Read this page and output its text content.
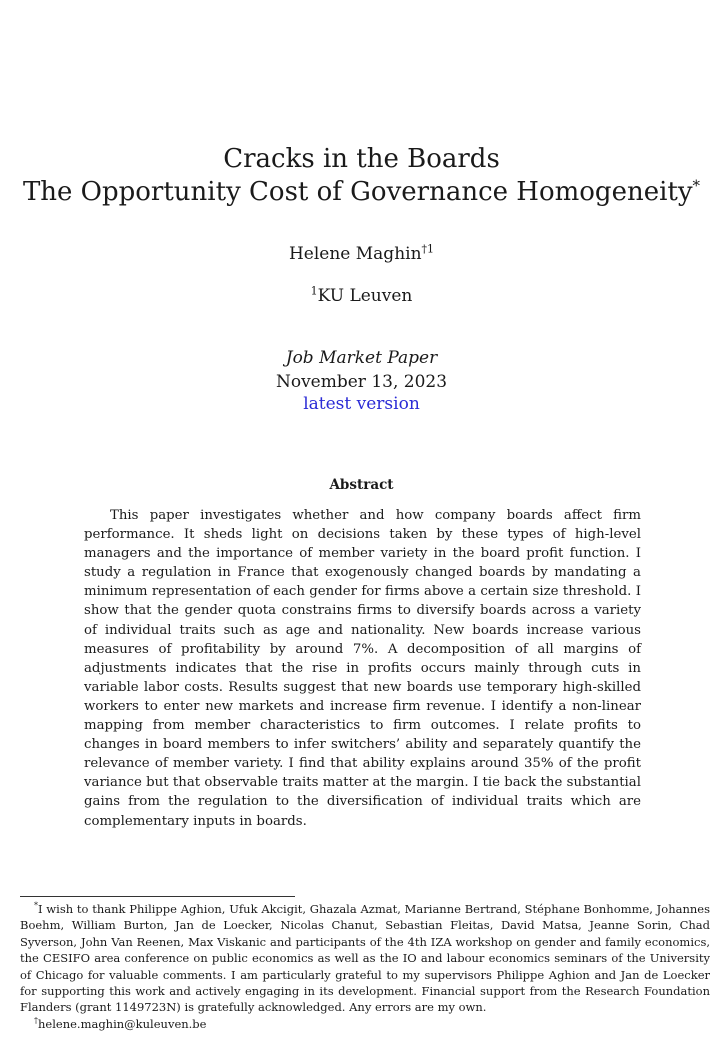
Cracks in the Boards
The Opportunity Cost of Governance Homogeneity*
Helene Maghin$^{\dagger 1}$
$^1$KU Leuven
Job Market Paper
November 13, 2023
latest version
Abstract
This paper investigates whether and how company boards affect firm performance. It sheds light on decisions taken by these types of high-level managers and the importance of member variety in the board profit function. I study a regulation in France that exogenously changed boards by mandating a minimum representation of each gender for firms above a certain size threshold. I show that the gender quota constrains firms to diversify boards across a variety of individual traits such as age and nationality. New boards increase various measures of profitability by around 7%. A decomposition of all margins of adjustments indicates that the rise in profits occurs mainly through cuts in variable labor costs. Results suggest that new boards use temporary high-skilled workers to enter new markets and increase firm revenue. I identify a non-linear mapping from member characteristics to firm outcomes. I relate profits to changes in board members to infer switchers’ ability and separately quantify the relevance of member variety. I find that ability explains around 35% of the profit variance but that observable traits matter at the margin. I tie back the substantial gains from the regulation to the diversification of individual traits which are complementary inputs in boards.
*I wish to thank Philippe Aghion, Ufuk Akcigit, Ghazala Azmat, Marianne Bertrand, Stéphane Bonhomme, Johannes Boehm, William Burton, Jan de Loecker, Nicolas Chanut, Sebastian Fleitas, David Matsa, Jeanne Sorin, Chad Syverson, John Van Reenen, Max Viskanic and participants of the 4th IZA workshop on gender and family economics, the CESIFO area conference on public economics as well as the IO and labour economics seminars of the University of Chicago for valuable comments. I am particularly grateful to my supervisors Philippe Aghion and Jan de Loecker for supporting this work and actively engaging in its development. Financial support from the Research Foundation Flanders (grant 1149723N) is gratefully acknowledged. Any errors are my own.
†helene.maghin@kuleuven.be
